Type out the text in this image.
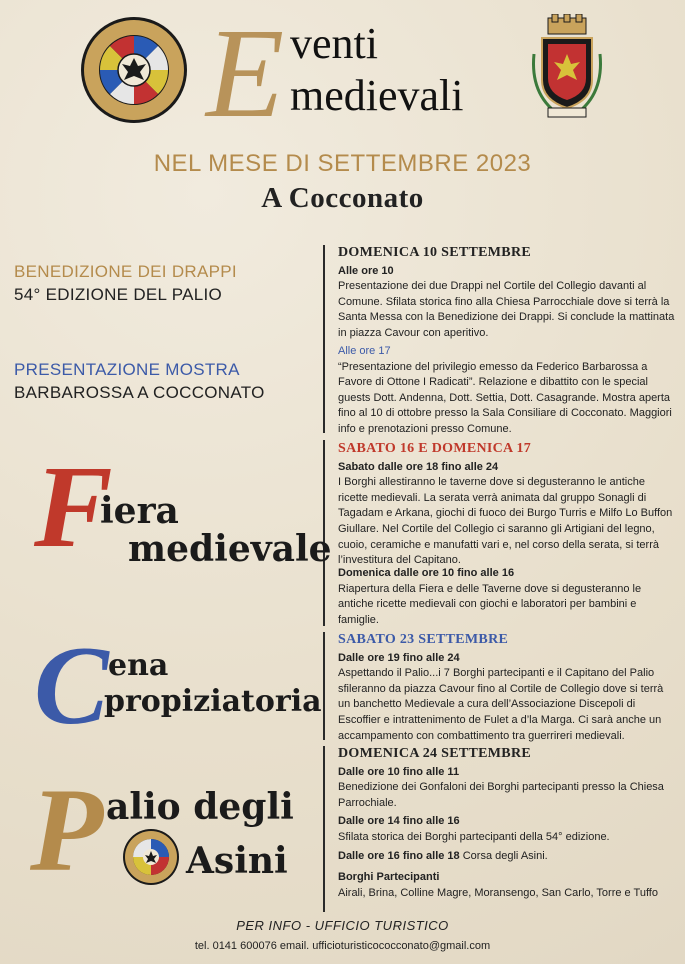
E venti
medievali
NEL MESE DI SETTEMBRE 2023
A Cocconato
BENEDIZIONE DEI DRAPPI
54° EDIZIONE DEL PALIO
PRESENTAZIONE MOSTRA
BARBAROSSA A COCCONATO
F
iera
medievale
C ena
propiziatoria
P alio degli
Asini
DOMENICA 10 SETTEMBRE
Alle ore 10

Presentazione dei due Drappi nel Cortile del Collegio davanti al Comune. Sfilata storica fino alla Chiesa Parrocchiale dove si terrà la Santa Messa con la Benedizione dei Drappi. Si conclude la mattinata in piazza Cavour con aperitivo.

Alle ore 17

“Presentazione del privilegio emesso da Federico Barbarossa a Favore di Ottone I Radicati”. Relazione e dibattito con le special guests Dott. Andenna, Dott. Settia, Dott. Casagrande. Mostra aperta fino al 10 di ottobre presso la Sala Consiliare di Cocconato. Maggiori info e prenotazioni presso Comune.

SABATO 16 E DOMENICA 17
Sabato dalle ore 18 fino alle 24

I Borghi allestiranno le taverne dove si degusteranno le antiche ricette medievali. La serata verrà animata dal gruppo Sonagli di Tagadam e Arkana, giochi di fuoco dei Burgo Turris e Milfo Lo Buffon Giullare. Nel Cortile del Collegio ci saranno gli Artigiani del legno, cuoio, ceramiche e manufatti vari e, nel corso della serata, si terrà l’investitura del Capitano.

Domenica dalle ore 10 fino alle 16

Riapertura della Fiera e delle Taverne dove si degusteranno le antiche ricette medievali con giochi e laboratori per bambini e famiglie.

SABATO 23 SETTEMBRE
Dalle ore 19 fino alle 24

Aspettando il Palio...i 7 Borghi partecipanti e il Capitano del Palio sfileranno da piazza Cavour fino al Cortile de Collegio dove si terrà un banchetto Medievale a cura dell’Associazione Discepoli di Escoffier e intrattenimento de Fulet a d’la Marga. Ci sarà anche un accampamento con combattimento tra guerrireri medievali.

DOMENICA 24 SETTEMBRE
Dalle ore 10 fino alle 11

Benedizione dei Gonfaloni dei Borghi partecipanti presso la Chiesa Parrochiale.

Dalle ore 14 fino alle 16

Sfilata storica dei Borghi partecipanti della 54° edizione.

Dalle ore 16 fino alle 18 Corsa degli Asini.
Borghi Partecipanti

Airali, Brina, Colline Magre, Moransengo, San Carlo, Torre e Tuffo

PER INFO - UFFICIO TURISTICO
tel. 0141 600076 email. ufficioturisticococconato@gmail.com
